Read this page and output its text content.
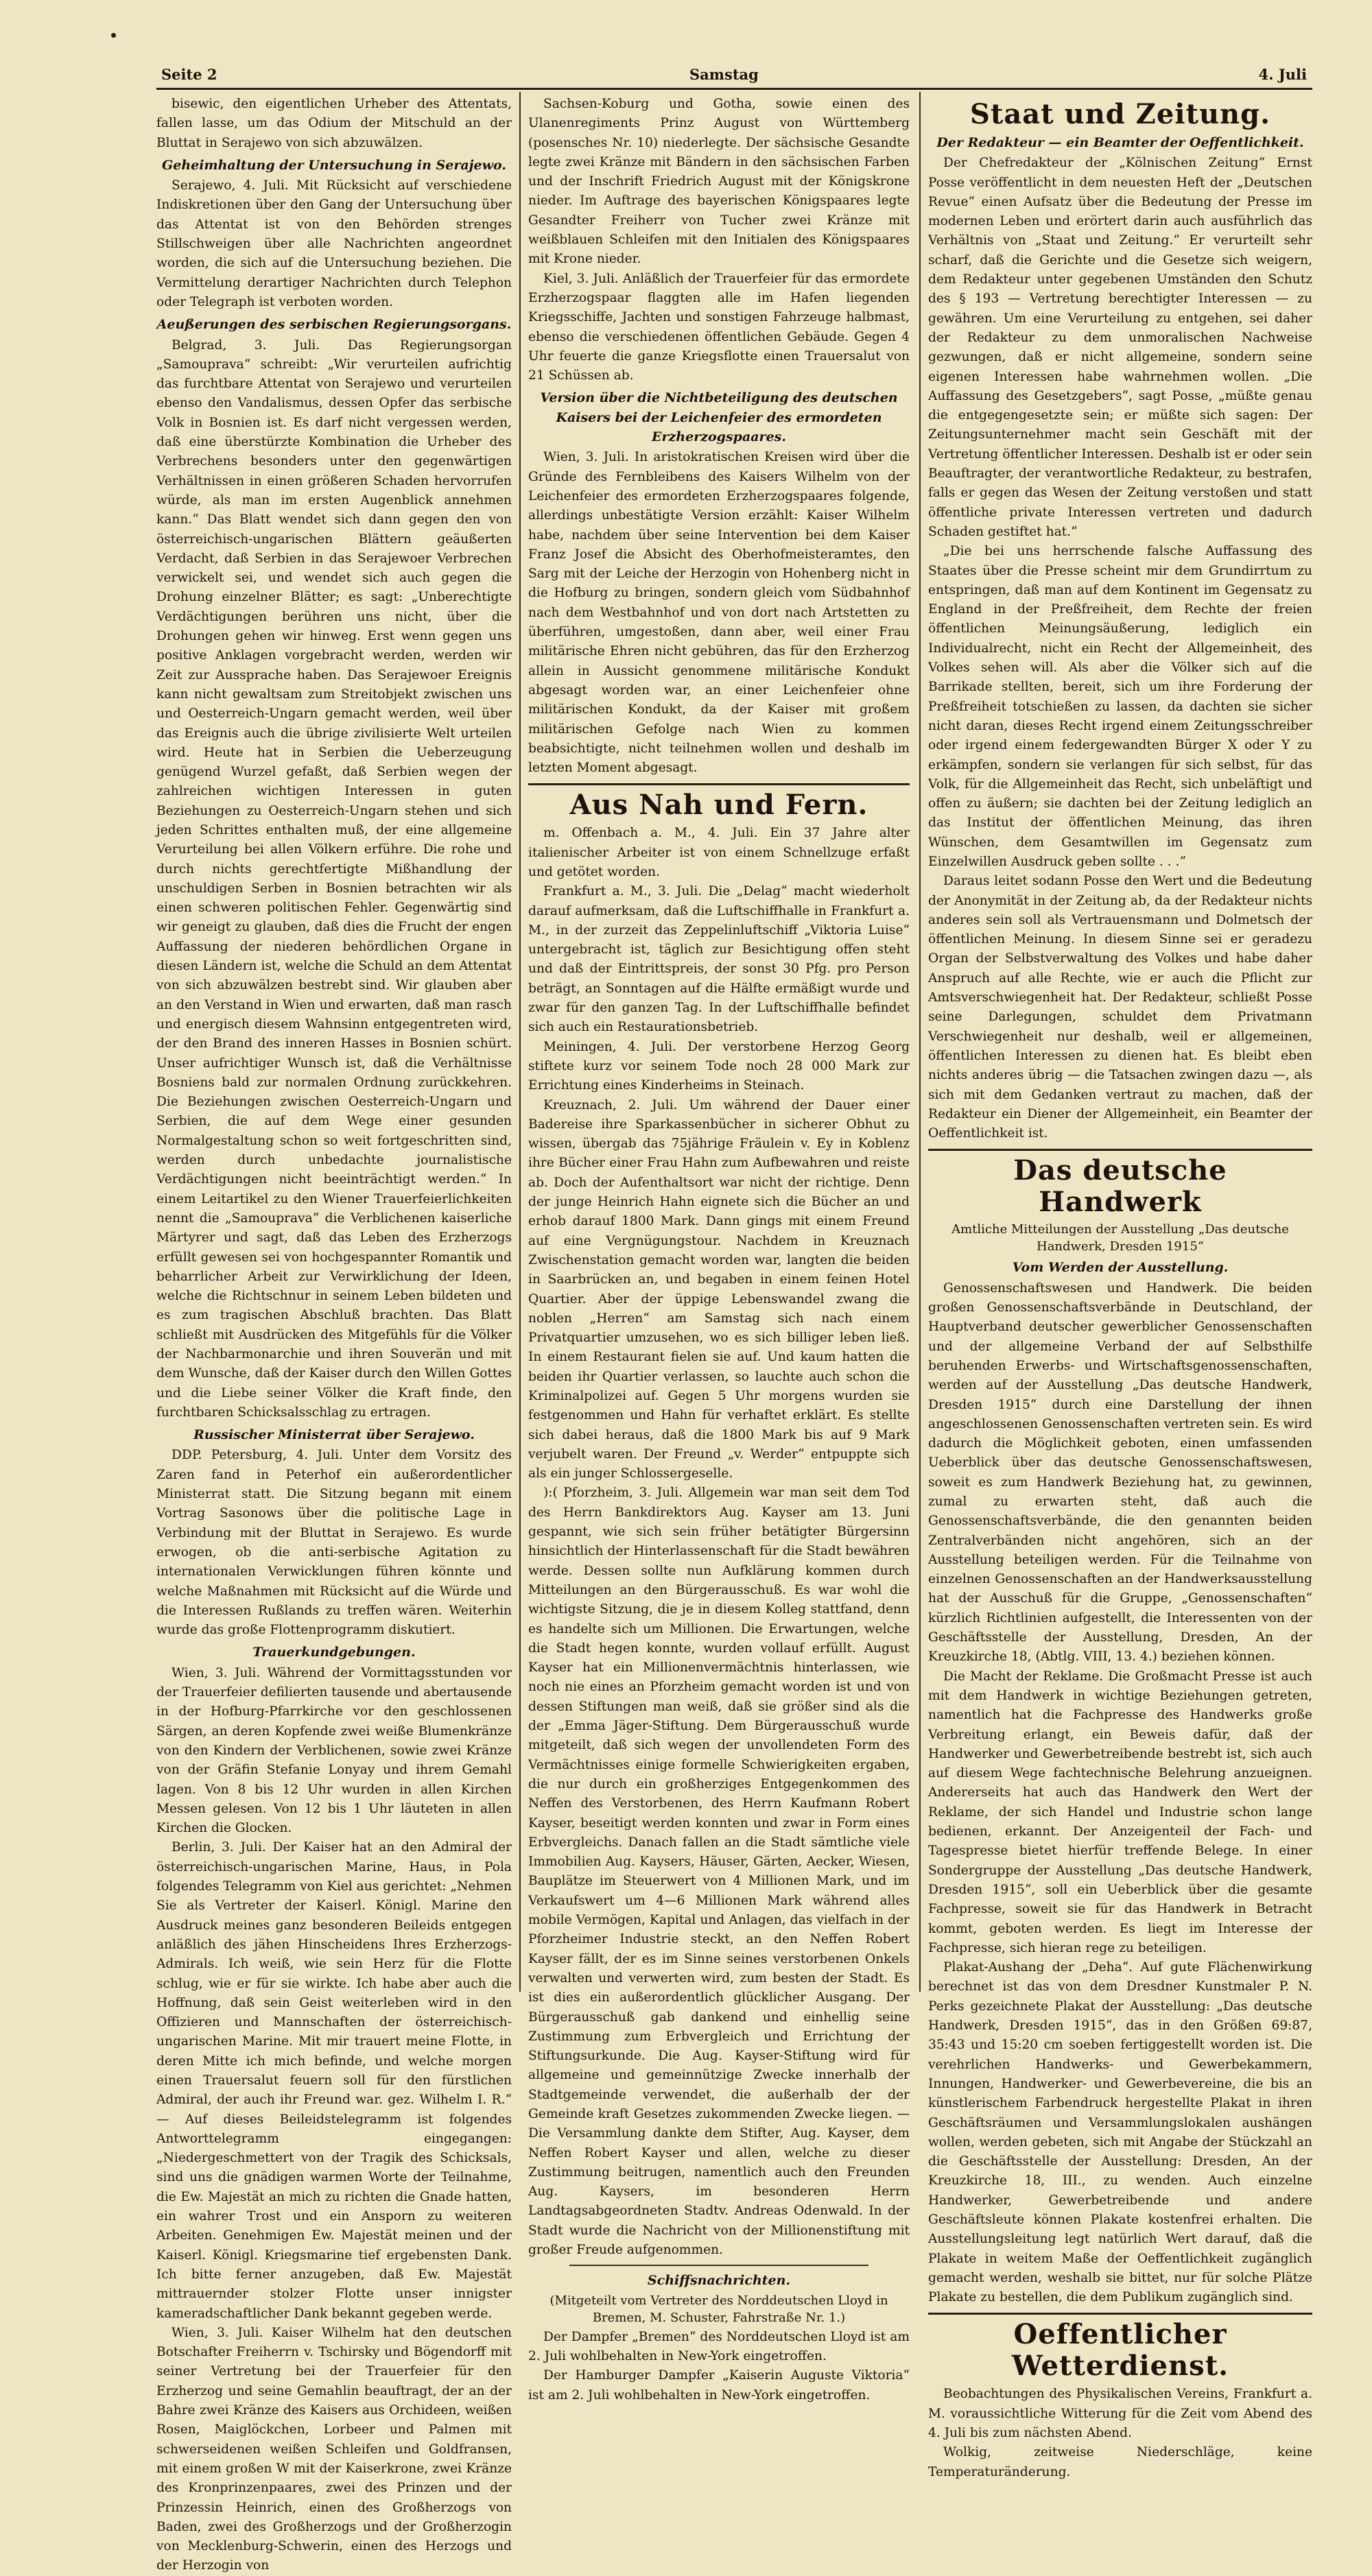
Seite 2	Samstag	4. Juli

bisewic, den eigentlichen Urheber des Attentats, fallen lasse, um das Odium der Mitschuld an der Bluttat in Serajewo von sich abzuwälzen.

Geheimhaltung der Untersuchung in Serajewo.

Serajewo, 4. Juli. Mit Rücksicht auf verschiedene Indiskretionen über den Gang der Untersuchung über das Attentat ist von den Behörden strenges Stillschweigen über alle Nachrichten angeordnet worden, die sich auf die Untersuchung beziehen. Die Vermittelung derartiger Nachrichten durch Telephon oder Telegraph ist verboten worden.

Aeußerungen des serbischen Regierungsorgans.

Belgrad, 3. Juli. Das Regierungsorgan „Samouprava“ schreibt: „Wir verurteilen aufrichtig das furchtbare Attentat von Serajewo und verurteilen ebenso den Vandalismus, dessen Opfer das serbische Volk in Bosnien ist. Es darf nicht vergessen werden, daß eine überstürzte Kombination die Urheber des Verbrechens besonders unter den gegenwärtigen Verhältnissen in einen größeren Schaden hervorrufen würde, als man im ersten Augenblick annehmen kann.“ Das Blatt wendet sich dann gegen den von österreichisch-ungarischen Blättern geäußerten Verdacht, daß Serbien in das Serajewoer Verbrechen verwickelt sei, und wendet sich auch gegen die Drohung einzelner Blätter; es sagt: „Unberechtigte Verdächtigungen berühren uns nicht, über die Drohungen gehen wir hinweg. Erst wenn gegen uns positive Anklagen vorgebracht werden, werden wir Zeit zur Aussprache haben. Das Serajewoer Ereignis kann nicht gewaltsam zum Streitobjekt zwischen uns und Oesterreich-Ungarn gemacht werden, weil über das Ereignis auch die übrige zivilisierte Welt urteilen wird. Heute hat in Serbien die Ueberzeugung genügend Wurzel gefaßt, daß Serbien wegen der zahlreichen wichtigen Interessen in guten Beziehungen zu Oesterreich-Ungarn stehen und sich jeden Schrittes enthalten muß, der eine allgemeine Verurteilung bei allen Völkern erführe. Die rohe und durch nichts gerechtfertigte Mißhandlung der unschuldigen Serben in Bosnien betrachten wir als einen schweren politischen Fehler. Gegenwärtig sind wir geneigt zu glauben, daß dies die Frucht der engen Auffassung der niederen behördlichen Organe in diesen Ländern ist, welche die Schuld an dem Attentat von sich abzuwälzen bestrebt sind. Wir glauben aber an den Verstand in Wien und erwarten, daß man rasch und energisch diesem Wahnsinn entgegentreten wird, der den Brand des inneren Hasses in Bosnien schürt. Unser aufrichtiger Wunsch ist, daß die Verhältnisse Bosniens bald zur normalen Ordnung zurückkehren. Die Beziehungen zwischen Oesterreich-Ungarn und Serbien, die auf dem Wege einer gesunden Normalgestaltung schon so weit fortgeschritten sind, werden durch unbedachte journalistische Verdächtigungen nicht beeinträchtigt werden.“ In einem Leitartikel zu den Wiener Trauerfeierlichkeiten nennt die „Samouprava“ die Verblichenen kaiserliche Märtyrer und sagt, daß das Leben des Erzherzogs erfüllt gewesen sei von hochgespannter Romantik und beharrlicher Arbeit zur Verwirklichung der Ideen, welche die Richtschnur in seinem Leben bildeten und es zum tragischen Abschluß brachten. Das Blatt schließt mit Ausdrücken des Mitgefühls für die Völker der Nachbarmonarchie und ihren Souverän und mit dem Wunsche, daß der Kaiser durch den Willen Gottes und die Liebe seiner Völker die Kraft finde, den furchtbaren Schicksalsschlag zu ertragen.

Russischer Ministerrat über Serajewo.

DDP. Petersburg, 4. Juli. Unter dem Vorsitz des Zaren fand in Peterhof ein außerordentlicher Ministerrat statt. Die Sitzung begann mit einem Vortrag Sasonows über die politische Lage in Verbindung mit der Bluttat in Serajewo. Es wurde erwogen, ob die anti-serbische Agitation zu internationalen Verwicklungen führen könnte und welche Maßnahmen mit Rücksicht auf die Würde und die Interessen Rußlands zu treffen wären. Weiterhin wurde das große Flottenprogramm diskutiert.

Trauerkundgebungen.

Wien, 3. Juli. Während der Vormittagsstunden vor der Trauerfeier defilierten tausende und abertausende in der Hofburg-Pfarrkirche vor den geschlossenen Särgen, an deren Kopfende zwei weiße Blumenkränze von den Kindern der Verblichenen, sowie zwei Kränze von der Gräfin Stefanie Lonyay und ihrem Gemahl lagen. Von 8 bis 12 Uhr wurden in allen Kirchen Messen gelesen. Von 12 bis 1 Uhr läuteten in allen Kirchen die Glocken.

Berlin, 3. Juli. Der Kaiser hat an den Admiral der österreichisch-ungarischen Marine, Haus, in Pola folgendes Telegramm von Kiel aus gerichtet: „Nehmen Sie als Vertreter der Kaiserl. Königl. Marine den Ausdruck meines ganz besonderen Beileids entgegen anläßlich des jähen Hinscheidens Ihres Erzherzogs-Admirals. Ich weiß, wie sein Herz für die Flotte schlug, wie er für sie wirkte. Ich habe aber auch die Hoffnung, daß sein Geist weiterleben wird in den Offizieren und Mannschaften der österreichisch-ungarischen Marine. Mit mir trauert meine Flotte, in deren Mitte ich mich befinde, und welche morgen einen Trauersalut feuern soll für den fürstlichen Admiral, der auch ihr Freund war. gez. Wilhelm I. R.“ — Auf dieses Beileidstelegramm ist folgendes Antworttelegramm eingegangen: „Niedergeschmettert von der Tragik des Schicksals, sind uns die gnädigen warmen Worte der Teilnahme, die Ew. Majestät an mich zu richten die Gnade hatten, ein wahrer Trost und ein Ansporn zu weiteren Arbeiten. Genehmigen Ew. Majestät meinen und der Kaiserl. Königl. Kriegsmarine tief ergebensten Dank. Ich bitte ferner anzugeben, daß Ew. Majestät mittrauernder stolzer Flotte unser innigster kameradschaftlicher Dank bekannt gegeben werde.

Wien, 3. Juli. Kaiser Wilhelm hat den deutschen Botschafter Freiherrn v. Tschirsky und Bögendorff mit seiner Vertretung bei der Trauerfeier für den Erzherzog und seine Gemahlin beauftragt, der an der Bahre zwei Kränze des Kaisers aus Orchideen, weißen Rosen, Maiglöckchen, Lorbeer und Palmen mit schwerseidenen weißen Schleifen und Goldfransen, mit einem großen W mit der Kaiserkrone, zwei Kränze des Kronprinzenpaares, zwei des Prinzen und der Prinzessin Heinrich, einen des Großherzogs von Baden, zwei des Großherzogs und der Großherzogin von Mecklenburg-Schwerin, einen des Herzogs und der Herzogin von

Sachsen-Koburg und Gotha, sowie einen des Ulanenregiments Prinz August von Württemberg (posensches Nr. 10) niederlegte. Der sächsische Gesandte legte zwei Kränze mit Bändern in den sächsischen Farben und der Inschrift Friedrich August mit der Königskrone nieder. Im Auftrage des bayerischen Königspaares legte Gesandter Freiherr von Tucher zwei Kränze mit weißblauen Schleifen mit den Initialen des Königspaares mit Krone nieder.

Kiel, 3. Juli. Anläßlich der Trauerfeier für das ermordete Erzherzogspaar flaggten alle im Hafen liegenden Kriegsschiffe, Jachten und sonstigen Fahrzeuge halbmast, ebenso die verschiedenen öffentlichen Gebäude. Gegen 4 Uhr feuerte die ganze Kriegsflotte einen Trauersalut von 21 Schüssen ab.

Version über die Nichtbeteiligung des deutschen Kaisers bei der Leichenfeier des ermordeten Erzherzogspaares.

Wien, 3. Juli. In aristokratischen Kreisen wird über die Gründe des Fernbleibens des Kaisers Wilhelm von der Leichenfeier des ermordeten Erzherzogspaares folgende, allerdings unbestätigte Version erzählt: Kaiser Wilhelm habe, nachdem über seine Intervention bei dem Kaiser Franz Josef die Absicht des Oberhofmeisteramtes, den Sarg mit der Leiche der Herzogin von Hohenberg nicht in die Hofburg zu bringen, sondern gleich vom Südbahnhof nach dem Westbahnhof und von dort nach Artstetten zu überführen, umgestoßen, dann aber, weil einer Frau militärische Ehren nicht gebühren, das für den Erzherzog allein in Aussicht genommene militärische Kondukt abgesagt worden war, an einer Leichenfeier ohne militärischen Kondukt, da der Kaiser mit großem militärischen Gefolge nach Wien zu kommen beabsichtigte, nicht teilnehmen wollen und deshalb im letzten Moment abgesagt.

Aus Nah und Fern.

m. Offenbach a. M., 4. Juli. Ein 37 Jahre alter italienischer Arbeiter ist von einem Schnellzuge erfaßt und getötet worden.

Frankfurt a. M., 3. Juli. Die „Delag“ macht wiederholt darauf aufmerksam, daß die Luftschiffhalle in Frankfurt a. M., in der zurzeit das Zeppelinluftschiff „Viktoria Luise“ untergebracht ist, täglich zur Besichtigung offen steht und daß der Eintrittspreis, der sonst 30 Pfg. pro Person beträgt, an Sonntagen auf die Hälfte ermäßigt wurde und zwar für den ganzen Tag. In der Luftschiffhalle befindet sich auch ein Restaurationsbetrieb.

Meiningen, 4. Juli. Der verstorbene Herzog Georg stiftete kurz vor seinem Tode noch 28 000 Mark zur Errichtung eines Kinderheims in Steinach.

Kreuznach, 2. Juli. Um während der Dauer einer Badereise ihre Sparkassenbücher in sicherer Obhut zu wissen, übergab das 75jährige Fräulein v. Ey in Koblenz ihre Bücher einer Frau Hahn zum Aufbewahren und reiste ab. Doch der Aufenthaltsort war nicht der richtige. Denn der junge Heinrich Hahn eignete sich die Bücher an und erhob darauf 1800 Mark. Dann gings mit einem Freund auf eine Vergnügungstour. Nachdem in Kreuznach Zwischenstation gemacht worden war, langten die beiden in Saarbrücken an, und begaben in einem feinen Hotel Quartier. Aber der üppige Lebenswandel zwang die noblen „Herren“ am Samstag sich nach einem Privatquartier umzusehen, wo es sich billiger leben ließ. In einem Restaurant fielen sie auf. Und kaum hatten die beiden ihr Quartier verlassen, so lauchte auch schon die Kriminalpolizei auf. Gegen 5 Uhr morgens wurden sie festgenommen und Hahn für verhaftet erklärt. Es stellte sich dabei heraus, daß die 1800 Mark bis auf 9 Mark verjubelt waren. Der Freund „v. Werder“ entpuppte sich als ein junger Schlossergeselle.

):( Pforzheim, 3. Juli. Allgemein war man seit dem Tod des Herrn Bankdirektors Aug. Kayser am 13. Juni gespannt, wie sich sein früher betätigter Bürgersinn hinsichtlich der Hinterlassenschaft für die Stadt bewähren werde. Dessen sollte nun Aufklärung kommen durch Mitteilungen an den Bürgerausschuß. Es war wohl die wichtigste Sitzung, die je in diesem Kolleg stattfand, denn es handelte sich um Millionen. Die Erwartungen, welche die Stadt hegen konnte, wurden vollauf erfüllt. August Kayser hat ein Millionenvermächtnis hinterlassen, wie noch nie eines an Pforzheim gemacht worden ist und von dessen Stiftungen man weiß, daß sie größer sind als die der „Emma Jäger-Stiftung. Dem Bürgerausschuß wurde mitgeteilt, daß sich wegen der unvollendeten Form des Vermächtnisses einige formelle Schwierigkeiten ergaben, die nur durch ein großherziges Entgegenkommen des Neffen des Verstorbenen, des Herrn Kaufmann Robert Kayser, beseitigt werden konnten und zwar in Form eines Erbvergleichs. Danach fallen an die Stadt sämtliche viele Immobilien Aug. Kaysers, Häuser, Gärten, Aecker, Wiesen, Bauplätze im Steuerwert von 4 Millionen Mark, und im Verkaufswert um 4—6 Millionen Mark während alles mobile Vermögen, Kapital und Anlagen, das vielfach in der Pforzheimer Industrie steckt, an den Neffen Robert Kayser fällt, der es im Sinne seines verstorbenen Onkels verwalten und verwerten wird, zum besten der Stadt. Es ist dies ein außerordentlich glücklicher Ausgang. Der Bürgerausschuß gab dankend und einhellig seine Zustimmung zum Erbvergleich und Errichtung der Stiftungsurkunde. Die Aug. Kayser-Stiftung wird für allgemeine und gemeinnützige Zwecke innerhalb der Stadtgemeinde verwendet, die außerhalb der der Gemeinde kraft Gesetzes zukommenden Zwecke liegen. — Die Versammlung dankte dem Stifter, Aug. Kayser, dem Neffen Robert Kayser und allen, welche zu dieser Zustimmung beitrugen, namentlich auch den Freunden Aug. Kaysers, im besonderen Herrn Landtagsabgeordneten Stadtv. Andreas Odenwald. In der Stadt wurde die Nachricht von der Millionenstiftung mit großer Freude aufgenommen.

Schiffsnachrichten.
(Mitgeteilt vom Vertreter des Norddeutschen Lloyd in Bremen, M. Schuster, Fahrstraße Nr. 1.)

Der Dampfer „Bremen“ des Norddeutschen Lloyd ist am 2. Juli wohlbehalten in New-York eingetroffen.

Der Hamburger Dampfer „Kaiserin Auguste Viktoria“ ist am 2. Juli wohlbehalten in New-York eingetroffen.

Staat und Zeitung.
Der Redakteur — ein Beamter der Oeffentlichkeit.

Der Chefredakteur der „Kölnischen Zeitung“ Ernst Posse veröffentlicht in dem neuesten Heft der „Deutschen Revue“ einen Aufsatz über die Bedeutung der Presse im modernen Leben und erörtert darin auch ausführlich das Verhältnis von „Staat und Zeitung.“ Er verurteilt sehr scharf, daß die Gerichte und die Gesetze sich weigern, dem Redakteur unter gegebenen Umständen den Schutz des § 193 — Vertretung berechtigter Interessen — zu gewähren. Um eine Verurteilung zu entgehen, sei daher der Redakteur zu dem unmoralischen Nachweise gezwungen, daß er nicht allgemeine, sondern seine eigenen Interessen habe wahrnehmen wollen. „Die Auffassung des Gesetzgebers“, sagt Posse, „müßte genau die entgegengesetzte sein; er müßte sich sagen: Der Zeitungsunternehmer macht sein Geschäft mit der Vertretung öffentlicher Interessen. Deshalb ist er oder sein Beauftragter, der verantwortliche Redakteur, zu bestrafen, falls er gegen das Wesen der Zeitung verstoßen und statt öffentliche private Interessen vertreten und dadurch Schaden gestiftet hat.“

„Die bei uns herrschende falsche Auffassung des Staates über die Presse scheint mir dem Grundirrtum zu entspringen, daß man auf dem Kontinent im Gegensatz zu England in der Preßfreiheit, dem Rechte der freien öffentlichen Meinungsäußerung, lediglich ein Individualrecht, nicht ein Recht der Allgemeinheit, des Volkes sehen will. Als aber die Völker sich auf die Barrikade stellten, bereit, sich um ihre Forderung der Preßfreiheit totschießen zu lassen, da dachten sie sicher nicht daran, dieses Recht irgend einem Zeitungsschreiber oder irgend einem federgewandten Bürger X oder Y zu erkämpfen, sondern sie verlangen für sich selbst, für das Volk, für die Allgemeinheit das Recht, sich unbeläftigt und offen zu äußern; sie dachten bei der Zeitung lediglich an das Institut der öffentlichen Meinung, das ihren Wünschen, dem Gesamtwillen im Gegensatz zum Einzelwillen Ausdruck geben sollte . . .“

Daraus leitet sodann Posse den Wert und die Bedeutung der Anonymität in der Zeitung ab, da der Redakteur nichts anderes sein soll als Vertrauensmann und Dolmetsch der öffentlichen Meinung. In diesem Sinne sei er geradezu Organ der Selbstverwaltung des Volkes und habe daher Anspruch auf alle Rechte, wie er auch die Pflicht zur Amtsverschwiegenheit hat. Der Redakteur, schließt Posse seine Darlegungen, schuldet dem Privatmann Verschwiegenheit nur deshalb, weil er allgemeinen, öffentlichen Interessen zu dienen hat. Es bleibt eben nichts anderes übrig — die Tatsachen zwingen dazu —, als sich mit dem Gedanken vertraut zu machen, daß der Redakteur ein Diener der Allgemeinheit, ein Beamter der Oeffentlichkeit ist.

Das deutsche Handwerk
Amtliche Mitteilungen der Ausstellung „Das deutsche Handwerk, Dresden 1915“
Vom Werden der Ausstellung.

Genossenschaftswesen und Handwerk. Die beiden großen Genossenschaftsverbände in Deutschland, der Hauptverband deutscher gewerblicher Genossenschaften und der allgemeine Verband der auf Selbsthilfe beruhenden Erwerbs- und Wirtschaftsgenossenschaften, werden auf der Ausstellung „Das deutsche Handwerk, Dresden 1915“ durch eine Darstellung der ihnen angeschlossenen Genossenschaften vertreten sein. Es wird dadurch die Möglichkeit geboten, einen umfassenden Ueberblick über das deutsche Genossenschaftswesen, soweit es zum Handwerk Beziehung hat, zu gewinnen, zumal zu erwarten steht, daß auch die Genossenschaftsverbände, die den genannten beiden Zentralverbänden nicht angehören, sich an der Ausstellung beteiligen werden. Für die Teilnahme von einzelnen Genossenschaften an der Handwerksausstellung hat der Ausschuß für die Gruppe, „Genossenschaften“ kürzlich Richtlinien aufgestellt, die Interessenten von der Geschäftsstelle der Ausstellung, Dresden, An der Kreuzkirche 18, (Abtlg. VIII, 13. 4.) beziehen können.

Die Macht der Reklame. Die Großmacht Presse ist auch mit dem Handwerk in wichtige Beziehungen getreten, namentlich hat die Fachpresse des Handwerks große Verbreitung erlangt, ein Beweis dafür, daß der Handwerker und Gewerbetreibende bestrebt ist, sich auch auf diesem Wege fachtechnische Belehrung anzueignen. Andererseits hat auch das Handwerk den Wert der Reklame, der sich Handel und Industrie schon lange bedienen, erkannt. Der Anzeigenteil der Fach- und Tagespresse bietet hierfür treffende Belege. In einer Sondergruppe der Ausstellung „Das deutsche Handwerk, Dresden 1915“, soll ein Ueberblick über die gesamte Fachpresse, soweit sie für das Handwerk in Betracht kommt, geboten werden. Es liegt im Interesse der Fachpresse, sich hieran rege zu beteiligen.

Plakat-Aushang der „Deha“. Auf gute Flächenwirkung berechnet ist das von dem Dresdner Kunstmaler P. N. Perks gezeichnete Plakat der Ausstellung: „Das deutsche Handwerk, Dresden 1915“, das in den Größen 69:87, 35:43 und 15:20 cm soeben fertiggestellt worden ist. Die verehrlichen Handwerks- und Gewerbekammern, Innungen, Handwerker- und Gewerbevereine, die bis an künstlerischem Farbendruck hergestellte Plakat in ihren Geschäftsräumen und Versammlungslokalen aushängen wollen, werden gebeten, sich mit Angabe der Stückzahl an die Geschäftsstelle der Ausstellung: Dresden, An der Kreuzkirche 18, III., zu wenden. Auch einzelne Handwerker, Gewerbetreibende und andere Geschäftsleute können Plakate kostenfrei erhalten. Die Ausstellungsleitung legt natürlich Wert darauf, daß die Plakate in weitem Maße der Oeffentlichkeit zugänglich gemacht werden, weshalb sie bittet, nur für solche Plätze Plakate zu bestellen, die dem Publikum zugänglich sind.

Oeffentlicher Wetterdienst.

Beobachtungen des Physikalischen Vereins, Frankfurt a. M. voraussichtliche Witterung für die Zeit vom Abend des 4. Juli bis zum nächsten Abend.

Wolkig, zeitweise Niederschläge, keine Temperaturänderung.
